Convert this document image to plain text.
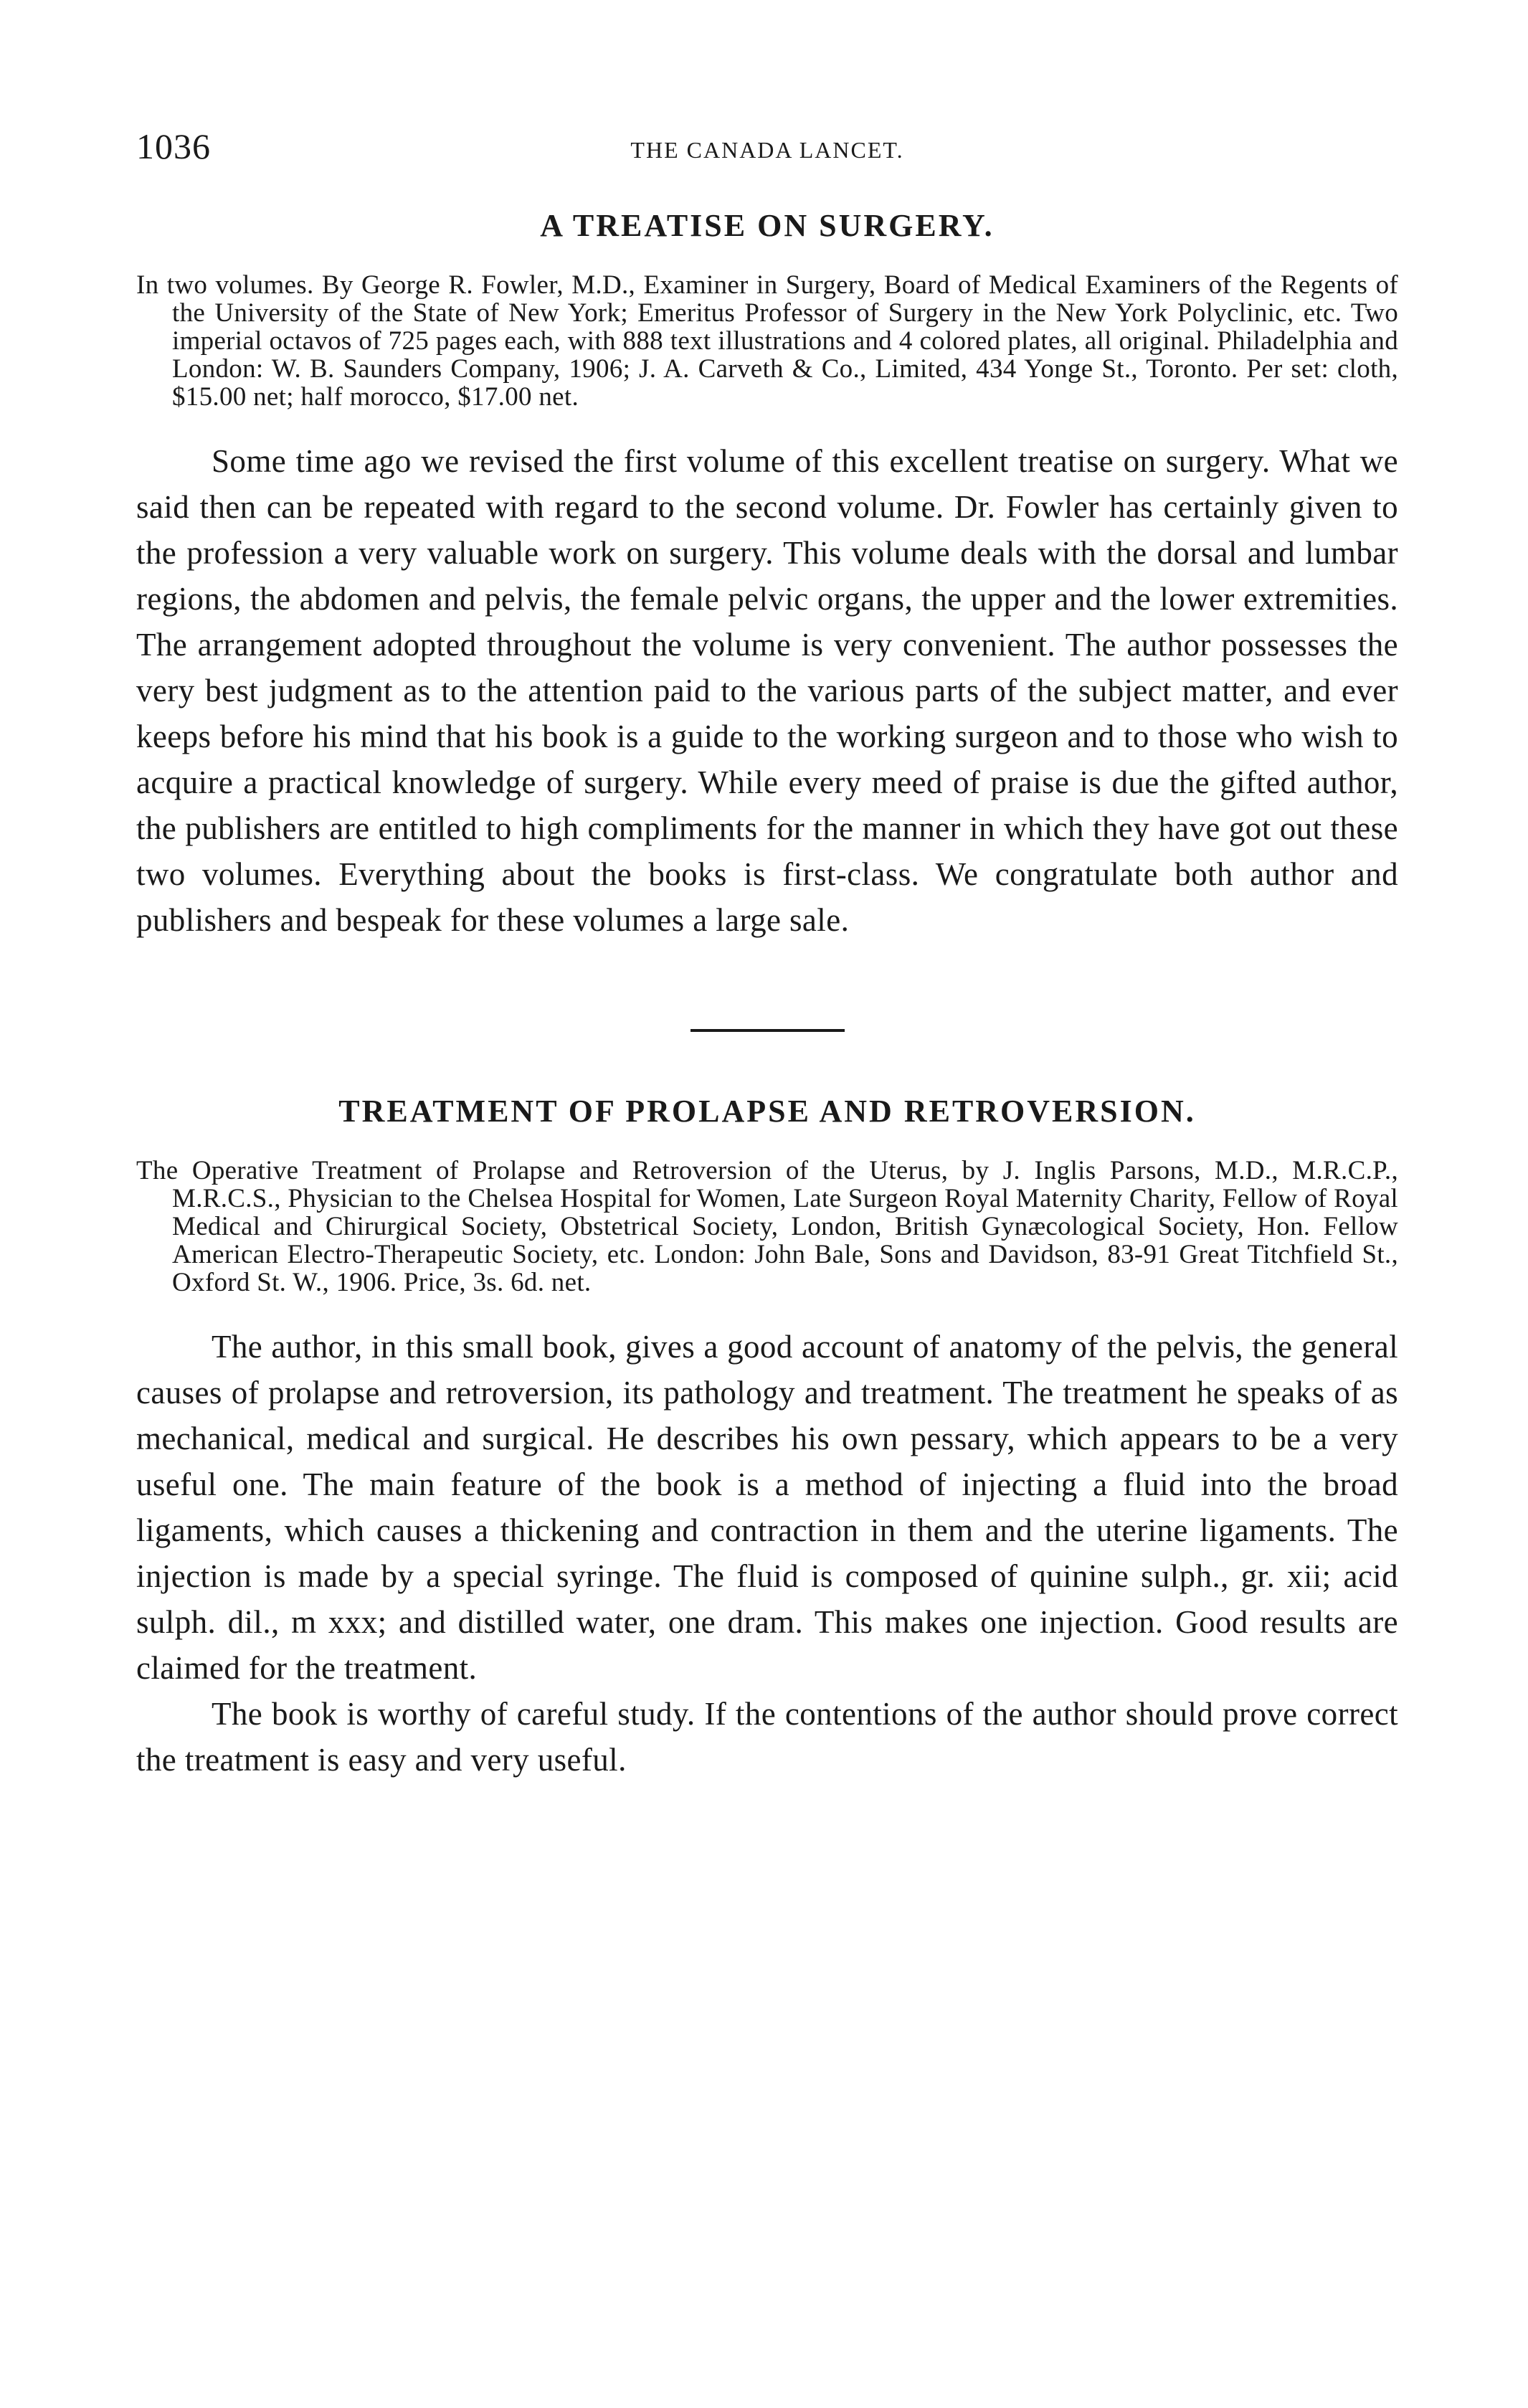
1036	THE CANADA LANCET.
A TREATISE ON SURGERY.

In two volumes. By George R. Fowler, M.D., Examiner in Surgery, Board of Medical Examiners of the Regents of the University of the State of New York; Emeritus Professor of Surgery in the New York Polyclinic, etc. Two imperial octavos of 725 pages each, with 888 text illustrations and 4 colored plates, all original. Philadelphia and London: W. B. Saunders Company, 1906; J. A. Carveth & Co., Limited, 434 Yonge St., Toronto. Per set: cloth, $15.00 net; half morocco, $17.00 net.

Some time ago we revised the first volume of this excellent treatise on surgery. What we said then can be repeated with regard to the second volume. Dr. Fowler has certainly given to the profession a very valuable work on surgery. This volume deals with the dorsal and lumbar regions, the abdomen and pelvis, the female pelvic organs, the upper and the lower extremities. The arrangement adopted throughout the volume is very convenient. The author possesses the very best judgment as to the attention paid to the various parts of the subject matter, and ever keeps before his mind that his book is a guide to the working surgeon and to those who wish to acquire a practical knowledge of surgery. While every meed of praise is due the gifted author, the publishers are entitled to high compliments for the manner in which they have got out these two volumes. Everything about the books is first-class. We congratulate both author and publishers and bespeak for these volumes a large sale.

TREATMENT OF PROLAPSE AND RETROVERSION.

The Operative Treatment of Prolapse and Retroversion of the Uterus, by J. Inglis Parsons, M.D., M.R.C.P., M.R.C.S., Physician to the Chelsea Hospital for Women, Late Surgeon Royal Maternity Charity, Fellow of Royal Medical and Chirurgical Society, Obstetrical Society, London, British Gynæcological Society, Hon. Fellow American Electro-Therapeutic Society, etc. London: John Bale, Sons and Davidson, 83-91 Great Titchfield St., Oxford St. W., 1906. Price, 3s. 6d. net.

The author, in this small book, gives a good account of anatomy of the pelvis, the general causes of prolapse and retroversion, its pathology and treatment. The treatment he speaks of as mechanical, medical and surgical. He describes his own pessary, which appears to be a very useful one. The main feature of the book is a method of injecting a fluid into the broad ligaments, which causes a thickening and contraction in them and the uterine ligaments. The injection is made by a special syringe. The fluid is composed of quinine sulph., gr. xii; acid sulph. dil., m xxx; and distilled water, one dram. This makes one injection. Good results are claimed for the treatment.

The book is worthy of careful study. If the contentions of the author should prove correct the treatment is easy and very useful.
